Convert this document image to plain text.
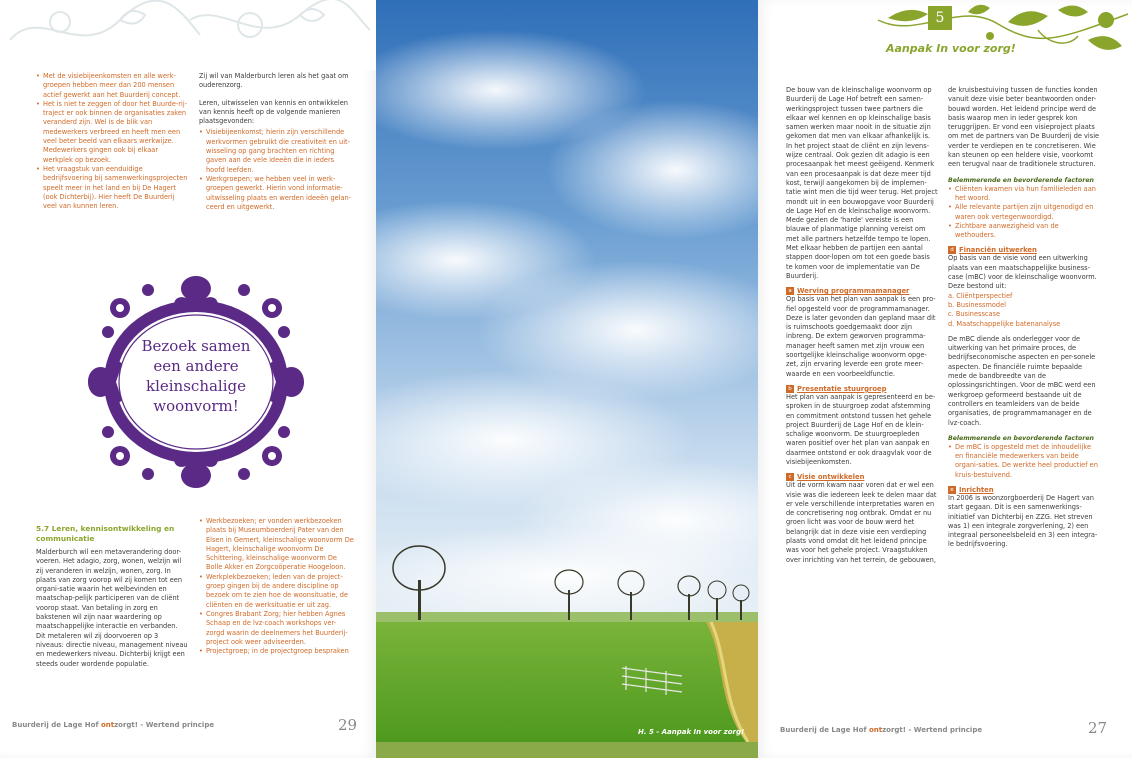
• Met de visiebijeenkomsten en alle werk-groepen hebben meer dan 200 mensen actief gewerkt aan het Buurderij concept.
• Het is niet te zeggen of door het Buurde-rij-traject er ook binnen de organisaties zaken veranderd zijn. Wel is de blik van medewerkers verbreed en heeft men een veel beter beeld van elkaars werkwijze. Medewerkers gingen ook bij elkaar werkplek op bezoek.
• Het vraagstuk van eenduidige bedrijfsvoering bij samenwerkingsprojecten speelt meer in het land en bij De Hagert (ook Dichterbij). Hier heeft De Buurderij veel van kunnen leren.

Zij wil van Malderburch leren als het gaat om ouderenzorg.

Leren, uitwisselen van kennis en ontwikkelen van kennis heeft op de volgende manieren plaatsgevonden:

• Visiebijeenkomst; hierin zijn verschillende werkvormen gebruikt die creativiteit en uit-wisseling op gang brachten en richting gaven aan de vele ideeën die in ieders hoofd leefden.
• Werkgroepen; we hebben veel in werk-groepen gewerkt. Hierin vond informatie-uitwisseling plaats en werden ideeën gelan-ceerd en uitgewerkt.
Bezoek samen
een andere
kleinschalige
woonvorm!
5.7 Leren, kennisontwikkeling en
communicatie

Malderburch wil een metaverandering door-voeren. Het adagio, zorg, wonen, welzijn wil zij veranderen in welzijn, wonen, zorg. In plaats van zorg voorop wil zij komen tot een organi-satie waarin het welbevinden en maatschap-pelijk participeren van de cliënt voorop staat. Van betaling in zorg en bakstenen wil zijn naar waardering op maatschappelijke interactie en verbanden. Dit metaleren wil zij doorvoeren op 3 niveaus: directie niveau, management niveau en medewerkers niveau. Dichterbij krijgt een steeds ouder wordende populatie.

• Werkbezoeken; er vonden werkbezoeken plaats bij Museumboerderij Pater van den Elsen in Gemert, kleinschalige woonvorm De Hagert, kleinschalige woonvorm De Schittering, kleinschalige woonvorm De Bolle Akker en Zorgcoöperatie Hoogeloon.
• Werkplekbezoeken; leden van de project-groep gingen bij de andere discipline op bezoek om te zien hoe de woonsituatie, de cliënten en de werksituatie er uit zag.
• Congres Brabant Zorg; hier hebben Agnes Schaap en de lvz-coach workshops ver-zorgd waarin de deelnemers het Buurderij-project ook weer adviseerden.
• Projectgroep; in de projectgroep bespraken
Buurderij de Lage Hof ontzorgt! - Wertend principe	29	H. 5 - Aanpak In voor zorg!
5
Aanpak In voor zorg!

De bouw van de kleinschalige woonvorm op Buurderij de Lage Hof betreft een samen-werkingsproject tussen twee partners die elkaar wel kennen en op kleinschalige basis samen werken maar nooit in de situatie zijn gekomen dat men van elkaar afhankelijk is. In het project staat de cliënt en zijn levens-wijze centraal. Ook gezien dit adagio is een procesaanpak het meest geëigend. Kenmerk van een procesaanpak is dat deze meer tijd kost, terwijl aangekomen bij de implemen-tatie wint men die tijd weer terug. Het project mondt uit in een bouwopgave voor Buurderij de Lage Hof en de kleinschalige woonvorm. Mede gezien de 'harde' vereiste is een blauwe of planmatige planning vereist om met alle partners hetzelfde tempo te lopen. Met elkaar hebben de partijen een aantal stappen door-lopen om tot een goede basis te komen voor de implementatie van De Buurderij.

a Werving programmamanager

Op basis van het plan van aanpak is een pro-fiel opgesteld voor de programmamanager. Deze is later gevonden dan gepland maar dit is ruimschoots goedgemaakt door zijn inbreng. De extern geworven programma-manager heeft samen met zijn vrouw een soortgelijke kleinschalige woonvorm opge-zet, zijn ervaring leverde een grote meer-waarde en een voorbeeldfunctie.

b Presentatie stuurgroep

Het plan van aanpak is gepresenteerd en be-sproken in de stuurgroep zodat afstemming en commitment ontstond tussen het gehele project Buurderij de Lage Hof en de klein-schalige woonvorm. De stuurgroepleden waren positief over het plan van aanpak en daarmee ontstond er ook draagvlak voor de visiebijeenkomsten.

c Visie ontwikkelen

Uit de vorm kwam naar voren dat er wel een visie was die iedereen leek te delen maar dat er vele verschillende interpretaties waren en de concretisering nog ontbrak. Omdat er nu groen licht was voor de bouw werd het belangrijk dat in deze visie een verdieping plaats vond omdat dit het leidend principe was voor het gehele project. Vraagstukken over inrichting van het terrein, de gebouwen,

de kruisbestuiving tussen de functies konden vanuit deze visie beter beantwoorden onder-bouwd worden. Het leidend principe werd de basis waarop men in ieder gesprek kon teruggrijpen. Er vond een visieproject plaats om met de partners van De Buurderij de visie verder te verdiepen en te concretiseren. Wie kan steunen op een heldere visie, voorkomt een terugval naar de traditionele structuren.

Belemmerende en bevorderende factoren
• Cliënten kwamen via hun familieleden aan het woord.
• Alle relevante partijen zijn uitgenodigd en waren ook vertegenwoordigd.
• Zichtbare aanwezigheid van de wethouders.
d Financiën uitwerken

Op basis van de visie vond een uitwerking plaats van een maatschappelijke business-case (mBC) voor de kleinschalige woonvorm. Deze bestond uit:

a. Cliëntperspectief
b. Businessmodel
c. Businesscase
d. Maatschappelijke batenanalyse

De mBC diende als onderlegger voor de uitwerking van het primaire proces, de bedrijfseconomische aspecten en per-sonele aspecten. De financiële ruimte bepaalde mede de bandbreedte van de oplossingsrichtingen. Voor de mBC werd een werkgroep geformeerd bestaande uit de controllers en teamleiders van de beide organisaties, de programmamanager en de lvz-coach.

Belemmerende en bevorderende factoren
• De mBC is opgesteld met de inhoudelijke en financiële medewerkers van beide organi-saties. De werkte heel productief en kruis-bestuivend.
e Inrichten

In 2006 is woonzorgboerderij De Hagert van start gegaan. Dit is een samenwerkings-initiatief van Dichterbij en ZZG. Het streven was 1) een integrale zorgverlening, 2) een integraal personeelsbeleid en 3) een integra-le bedrijfsvoering.

Buurderij de Lage Hof ontzorgt! - Wertend principe	27
